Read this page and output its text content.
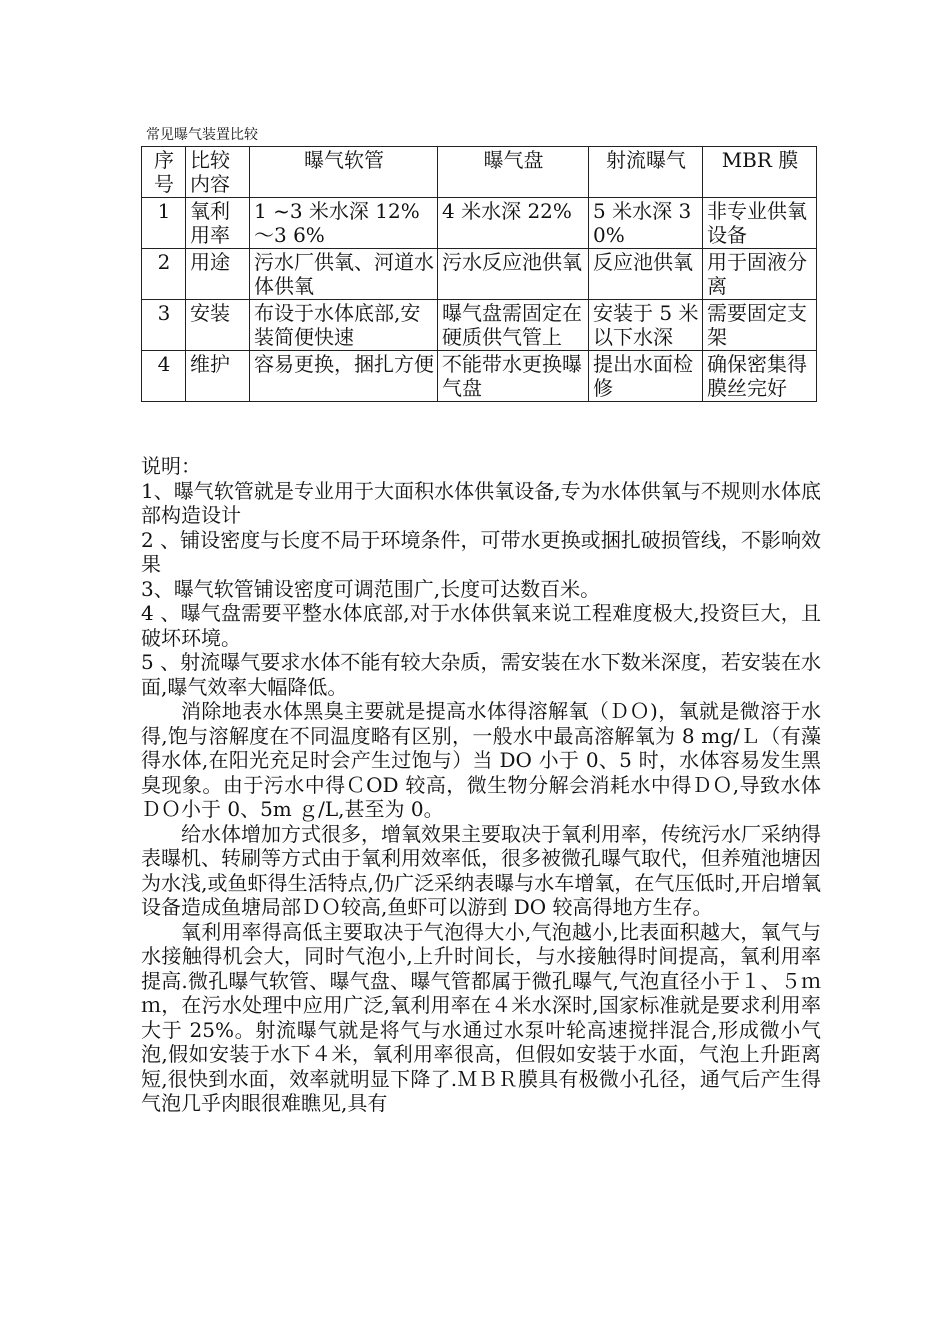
常见曝气装置比较
序号	比较内容	曝气软管	曝气盘	射流曝气	MBR 膜
1	氧利用率	1 ~3 米水深 12%～3 6%	4 米水深 22%	5 米水深 30%	非专业供氧设备
2	用途	污水厂供氧、河道水体供氧	污水反应池供氧	反应池供氧	用于固液分离
3	安装	布设于水体底部,安装简便快速	曝气盘需固定在硬质供气管上	安装于 5 米以下水深	需要固定支架
4	维护	容易更换，捆扎方便	不能带水更换曝气盘	提出水面检修	确保密集得膜丝完好

说明：

1、曝气软管就是专业用于大面积水体供氧设备,专为水体供氧与不规则水体底部构造设计

2 、铺设密度与长度不局于环境条件，可带水更换或捆扎破损管线，不影响效果

3、曝气软管铺设密度可调范围广,长度可达数百米。

4 、曝气盘需要平整水体底部,对于水体供氧来说工程难度极大,投资巨大，且破坏环境。

5 、射流曝气要求水体不能有较大杂质，需安装在水下数米深度，若安装在水面,曝气效率大幅降低。

消除地表水体黑臭主要就是提高水体得溶解氧（ＤＯ)，氧就是微溶于水得,饱与溶解度在不同温度略有区别，一般水中最高溶解氧为 8 mg/Ｌ（有藻得水体,在阳光充足时会产生过饱与）当 DO 小于 0、5 时，水体容易发生黑臭现象。由于污水中得ＣOD 较高，微生物分解会消耗水中得ＤＯ,导致水体ＤＯ小于 0、5m ｇ/L,甚至为 0。

给水体增加方式很多，增氧效果主要取决于氧利用率，传统污水厂采纳得表曝机、转刷等方式由于氧利用效率低，很多被微孔曝气取代，但养殖池塘因为水浅,或鱼虾得生活特点,仍广泛采纳表曝与水车增氧，在气压低时,开启增氧设备造成鱼塘局部ＤＯ较高,鱼虾可以游到 DO 较高得地方生存。

氧利用率得高低主要取决于气泡得大小,气泡越小,比表面积越大，氧气与水接触得机会大，同时气泡小,上升时间长，与水接触得时间提高，氧利用率提高.微孔曝气软管、曝气盘、曝气管都属于微孔曝气,气泡直径小于１、５ｍｍ，在污水处理中应用广泛,氧利用率在４米水深时,国家标准就是要求利用率大于 25%。射流曝气就是将气与水通过水泵叶轮高速搅拌混合,形成微小气泡,假如安装于水下４米，氧利用率很高，但假如安装于水面，气泡上升距离短,很快到水面，效率就明显下降了.ＭＢＲ膜具有极微小孔径，通气后产生得气泡几乎肉眼很难瞧见,具有
